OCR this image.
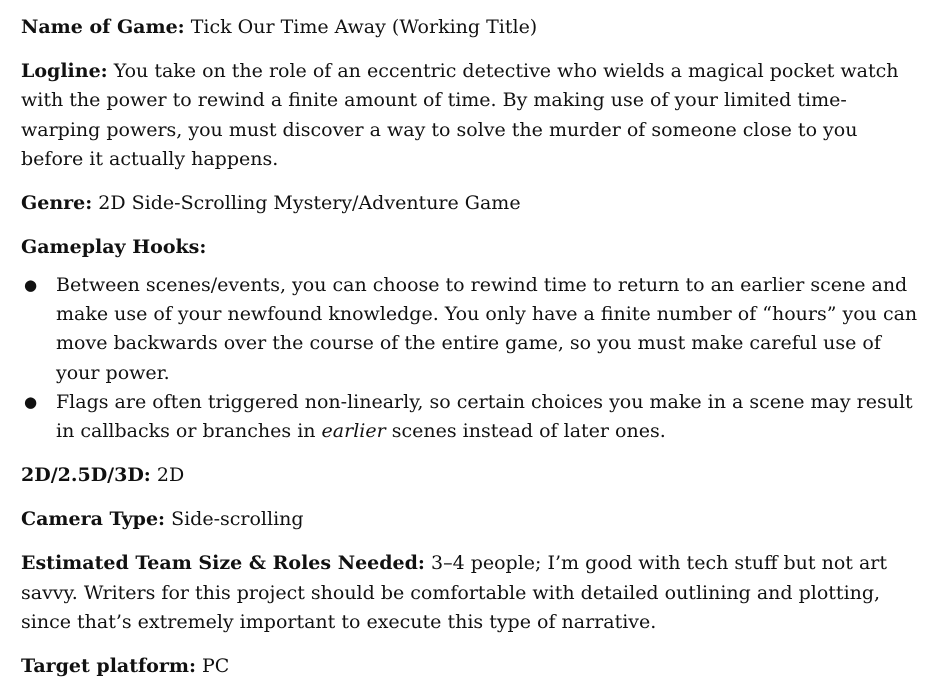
Name of Game: Tick Our Time Away (Working Title)

Logline: You take on the role of an eccentric detective who wields a magical pocket watch with the power to rewind a finite amount of time. By making use of your limited time-warping powers, you must discover a way to solve the murder of someone close to you before it actually happens.

Genre: 2D Side-Scrolling Mystery/Adventure Game

Gameplay Hooks:

● Between scenes/events, you can choose to rewind time to return to an earlier scene and make use of your newfound knowledge. You only have a finite number of “hours” you can move backwards over the course of the entire game, so you must make careful use of your power.
● Flags are often triggered non-linearly, so certain choices you make in a scene may result in callbacks or branches in earlier scenes instead of later ones.

2D/2.5D/3D: 2D

Camera Type: Side-scrolling

Estimated Team Size & Roles Needed: 3–4 people; I’m good with tech stuff but not art savvy. Writers for this project should be comfortable with detailed outlining and plotting, since that’s extremely important to execute this type of narrative.

Target platform: PC
